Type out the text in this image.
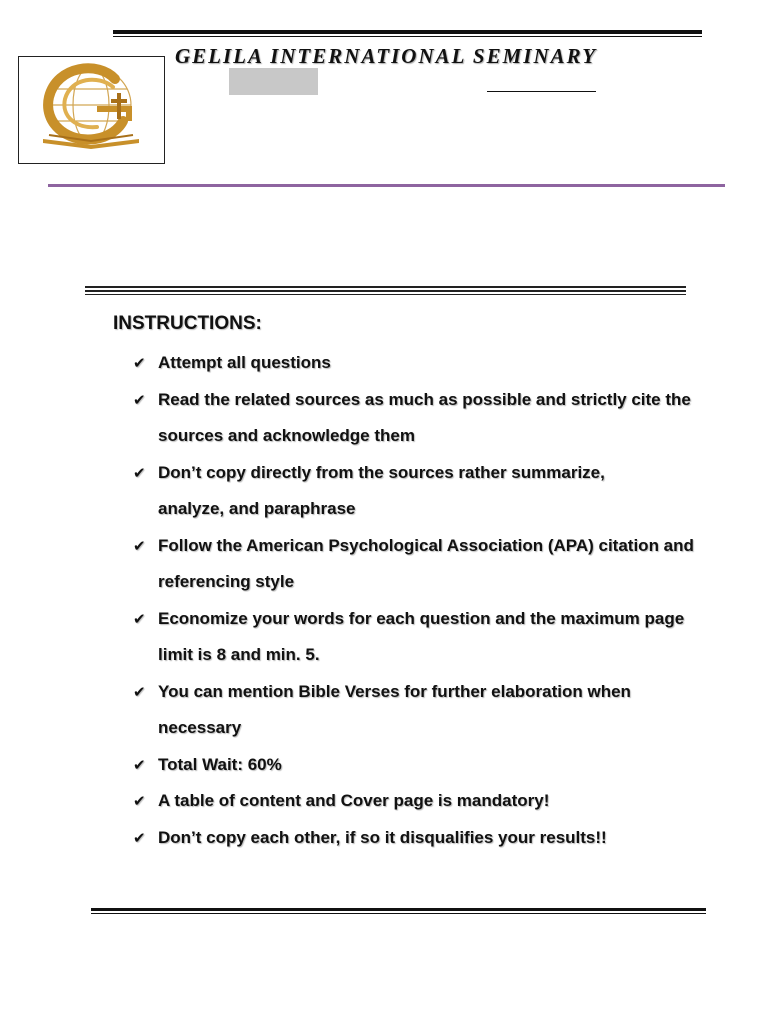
GELILA INTERNATIONAL SEMINARY
INSTRUCTIONS:
✔ Attempt all questions
✔ Read the related sources as much as possible and strictly cite the sources and acknowledge them
✔ Don’t copy directly from the sources rather summarize, analyze, and paraphrase
✔ Follow the American Psychological Association (APA) citation and referencing style
✔ Economize your words for each question and the maximum page limit is 8 and min. 5.
✔ You can mention Bible Verses for further elaboration when necessary
✔ Total Wait: 60%
✔ A table of content and Cover page is mandatory!
✔ Don’t copy each other, if so it disqualifies your results!!
